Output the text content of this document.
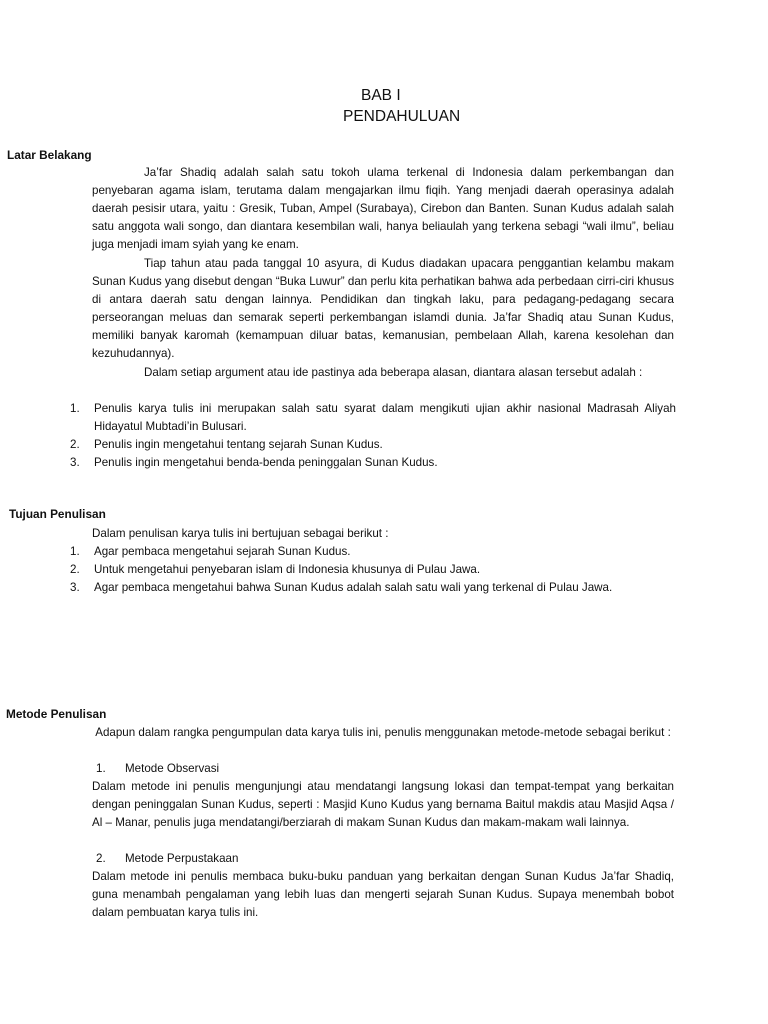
BAB I
PENDAHULUAN
Latar Belakang

Ja’far Shadiq adalah salah satu tokoh ulama terkenal di Indonesia dalam perkembangan dan penyebaran agama islam, terutama dalam mengajarkan ilmu fiqih. Yang menjadi daerah operasinya adalah daerah pesisir utara, yaitu : Gresik, Tuban, Ampel (Surabaya), Cirebon dan Banten. Sunan Kudus adalah salah satu anggota wali songo, dan diantara kesembilan wali, hanya beliaulah yang terkena sebagi “wali ilmu”, beliau juga menjadi imam syiah yang ke enam.

Tiap tahun atau pada tanggal 10 asyura, di Kudus diadakan upacara penggantian kelambu makam Sunan Kudus yang disebut dengan “Buka Luwur” dan perlu kita perhatikan bahwa ada perbedaan cirri-ciri khusus di antara daerah satu dengan lainnya. Pendidikan dan tingkah laku, para pedagang-pedagang secara perseorangan meluas dan semarak seperti perkembangan islamdi dunia. Ja’far Shadiq atau Sunan Kudus, memiliki banyak karomah (kemampuan diluar batas, kemanusian, pembelaan Allah, karena kesolehan dan kezuhudannya).

Dalam setiap argument atau ide pastinya ada beberapa alasan, diantara alasan tersebut adalah :

1.	Penulis karya tulis ini merupakan salah satu syarat dalam mengikuti ujian akhir nasional Madrasah Aliyah Hidayatul Mubtadi’in Bulusari.
2.	Penulis ingin mengetahui tentang sejarah Sunan Kudus.
3.	Penulis ingin mengetahui benda-benda peninggalan Sunan Kudus.
Tujuan Penulisan

Dalam penulisan karya tulis ini bertujuan sebagai berikut :

1.	Agar pembaca mengetahui sejarah Sunan Kudus.
2.	Untuk mengetahui penyebaran islam di Indonesia khusunya di Pulau Jawa.
3.	Agar pembaca mengetahui bahwa Sunan Kudus adalah salah satu wali yang terkenal di Pulau Jawa.
Metode Penulisan

Adapun dalam rangka pengumpulan data karya tulis ini, penulis menggunakan metode-metode sebagai berikut :

1. Metode Observasi

Dalam metode ini penulis mengunjungi atau mendatangi langsung lokasi dan tempat-tempat yang berkaitan dengan peninggalan Sunan Kudus, seperti : Masjid Kuno Kudus yang bernama Baitul makdis atau Masjid Aqsa / Al – Manar, penulis juga mendatangi/berziarah di makam Sunan Kudus dan makam-makam wali lainnya.

2. Metode Perpustakaan

Dalam metode ini penulis membaca buku-buku panduan yang berkaitan dengan Sunan Kudus Ja’far Shadiq, guna menambah pengalaman yang lebih luas dan mengerti sejarah Sunan Kudus. Supaya menembah bobot dalam pembuatan karya tulis ini.
